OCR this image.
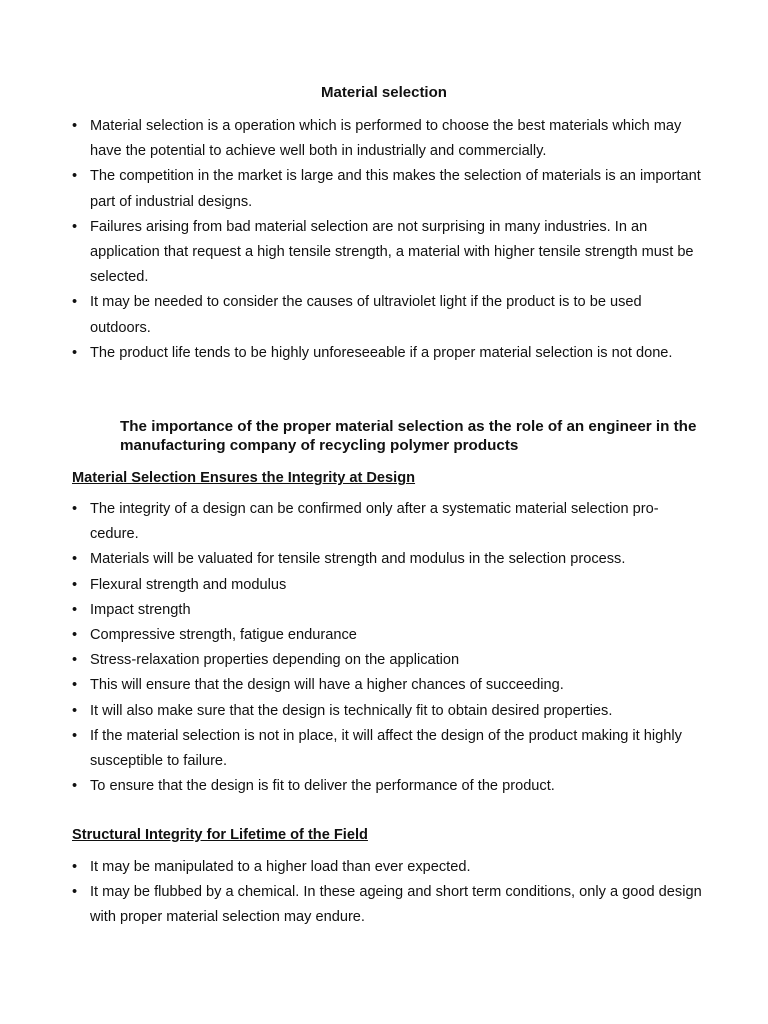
Material selection
• Material selection is a operation which is performed to choose the best materials which may have the potential to achieve well both in industrially and commercially.
• The competition in the market is large and this makes the selection of materials is an important part of industrial designs.
• Failures arising from bad material selection are not surprising in many industries. In an application that request a high tensile strength, a material with higher tensile strength must be selected.
• It may be needed to consider the causes of ultraviolet light if the product is to be used outdoors.
• The product life tends to be highly unforeseeable if a proper material selection is not done.
The importance of the proper material selection as the role of an engineer in the manufacturing company of recycling polymer products
Material Selection Ensures the Integrity at Design
• The integrity of a design can be confirmed only after a systematic material selection pro-cedure.
• Materials will be valuated for tensile strength and modulus in the selection process.
• Flexural strength and modulus
• Impact strength
• Compressive strength, fatigue endurance
• Stress-relaxation properties depending on the application
• This will ensure that the design will have a higher chances of succeeding.
• It will also make sure that the design is technically fit to obtain desired properties.
• If the material selection is not in place, it will affect the design of the product making it highly susceptible to failure.
• To ensure that the design is fit to deliver the performance of the product.
Structural Integrity for Lifetime of the Field
• It may be manipulated to a higher load than ever expected.
• It may be flubbed by a chemical. In these ageing and short term conditions, only a good design with proper material selection may endure.
